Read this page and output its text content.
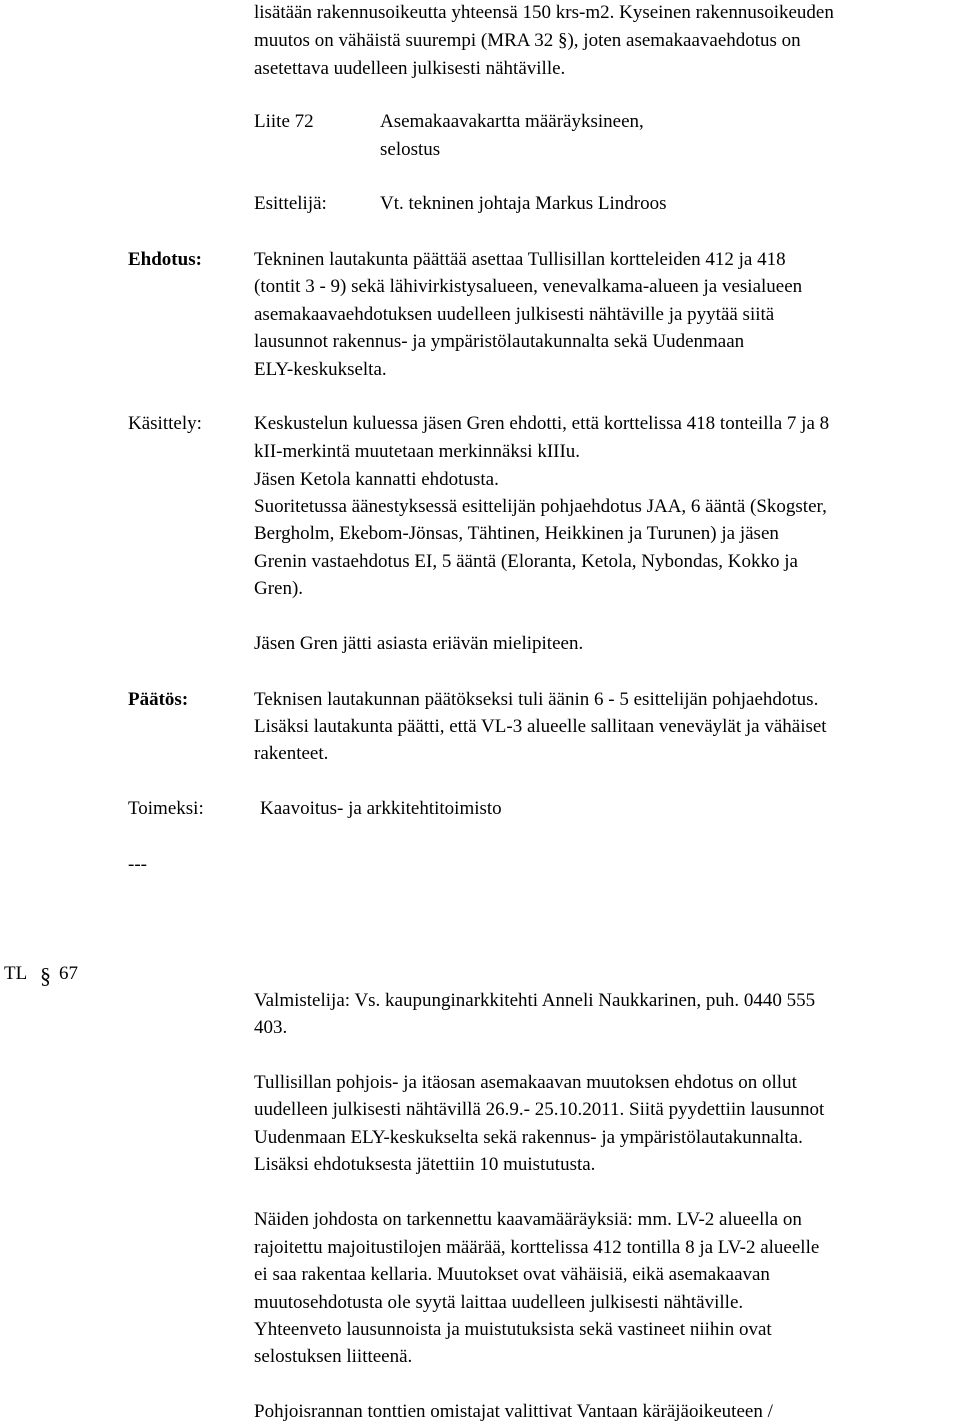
lisätään rakennusoikeutta yhteensä 150 krs-m2. Kyseinen rakennusoikeuden
muutos on vähäistä suurempi (MRA 32 §), joten asemakaavaehdotus on
asetettava uudelleen julkisesti nähtäville.
Liite 72	Asemakaavakartta määräyksineen,
selostus
Esittelijä:	Vt. tekninen johtaja Markus Lindroos
Ehdotus:	Tekninen lautakunta päättää asettaa Tullisillan kortteleiden 412 ja 418
(tontit 3 - 9) sekä lähivirkistysalueen, venevalkama-alueen ja vesialueen
asemakaavaehdotuksen uudelleen julkisesti nähtäville ja pyytää siitä
lausunnot rakennus- ja ympäristölautakunnalta sekä Uudenmaan
ELY-keskukselta.
Käsittely:	Keskustelun kuluessa jäsen Gren ehdotti, että korttelissa 418 tonteilla 7 ja 8
kII-merkintä muutetaan merkinnäksi kIIIu.
Jäsen Ketola kannatti ehdotusta.
Suoritetussa äänestyksessä esittelijän pohjaehdotus JAA, 6 ääntä (Skogster,
Bergholm, Ekebom-Jönsas, Tähtinen, Heikkinen ja Turunen) ja jäsen
Grenin vastaehdotus EI, 5 ääntä (Eloranta, Ketola, Nybondas, Kokko ja
Gren).
Jäsen Gren jätti asiasta eriävän mielipiteen.
Päätös:	Teknisen lautakunnan päätökseksi tuli äänin 6 - 5 esittelijän pohjaehdotus.
Lisäksi lautakunta päätti, että VL-3 alueelle sallitaan veneväylät ja vähäiset
rakenteet.
Toimeksi:	Kaavoitus- ja arkkitehtitoimisto
---
TL § 67
Valmistelija: Vs. kaupunginarkkitehti Anneli Naukkarinen, puh. 0440 555
403.
Tullisillan pohjois- ja itäosan asemakaavan muutoksen ehdotus on ollut
uudelleen julkisesti nähtävillä 26.9.- 25.10.2011. Siitä pyydettiin lausunnot
Uudenmaan ELY-keskukselta sekä rakennus- ja ympäristölautakunnalta.
Lisäksi ehdotuksesta jätettiin 10 muistutusta.
Näiden johdosta on tarkennettu kaavamääräyksiä: mm. LV-2 alueella on
rajoitettu majoitustilojen määrää, korttelissa 412 tontilla 8 ja LV-2 alueelle
ei saa rakentaa kellaria. Muutokset ovat vähäisiä, eikä asemakaavan
muutosehdotusta ole syytä laittaa uudelleen julkisesti nähtäville.
Yhteenveto lausunnoista ja muistutuksista sekä vastineet niihin ovat
selostuksen liitteenä.
Pohjoisrannan tonttien omistajat valittivat Vantaan käräjäoikeuteen /
